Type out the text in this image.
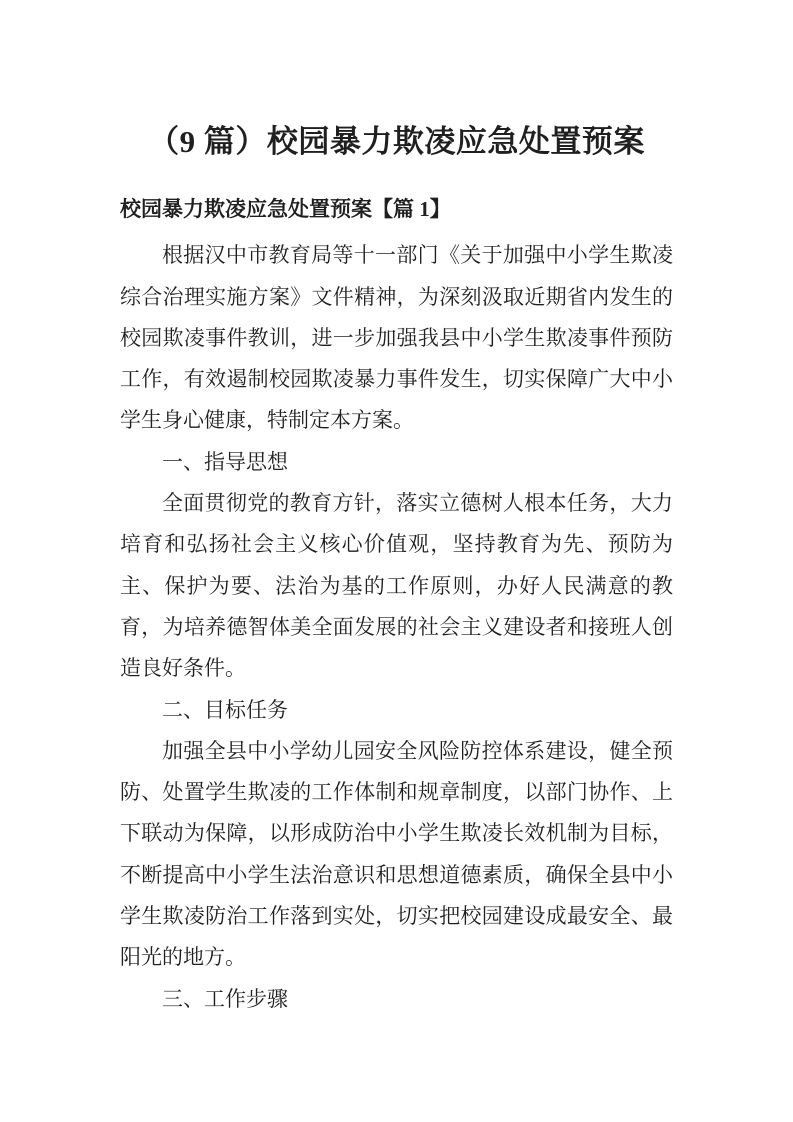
（9 篇）校园暴力欺凌应急处置预案
校园暴力欺凌应急处置预案【篇 1】
根据汉中市教育局等十一部门《关于加强中小学生欺凌综合治理实施方案》文件精神，为深刻汲取近期省内发生的校园欺凌事件教训，进一步加强我县中小学生欺凌事件预防工作，有效遏制校园欺凌暴力事件发生，切实保障广大中小学生身心健康，特制定本方案。
一、指导思想
全面贯彻党的教育方针，落实立德树人根本任务，大力培育和弘扬社会主义核心价值观，坚持教育为先、预防为主、保护为要、法治为基的工作原则，办好人民满意的教育，为培养德智体美全面发展的社会主义建设者和接班人创造良好条件。
二、目标任务
加强全县中小学幼儿园安全风险防控体系建设，健全预防、处置学生欺凌的工作体制和规章制度，以部门协作、上下联动为保障，以形成防治中小学生欺凌长效机制为目标，不断提高中小学生法治意识和思想道德素质，确保全县中小学生欺凌防治工作落到实处，切实把校园建设成最安全、最阳光的地方。
三、工作步骤
